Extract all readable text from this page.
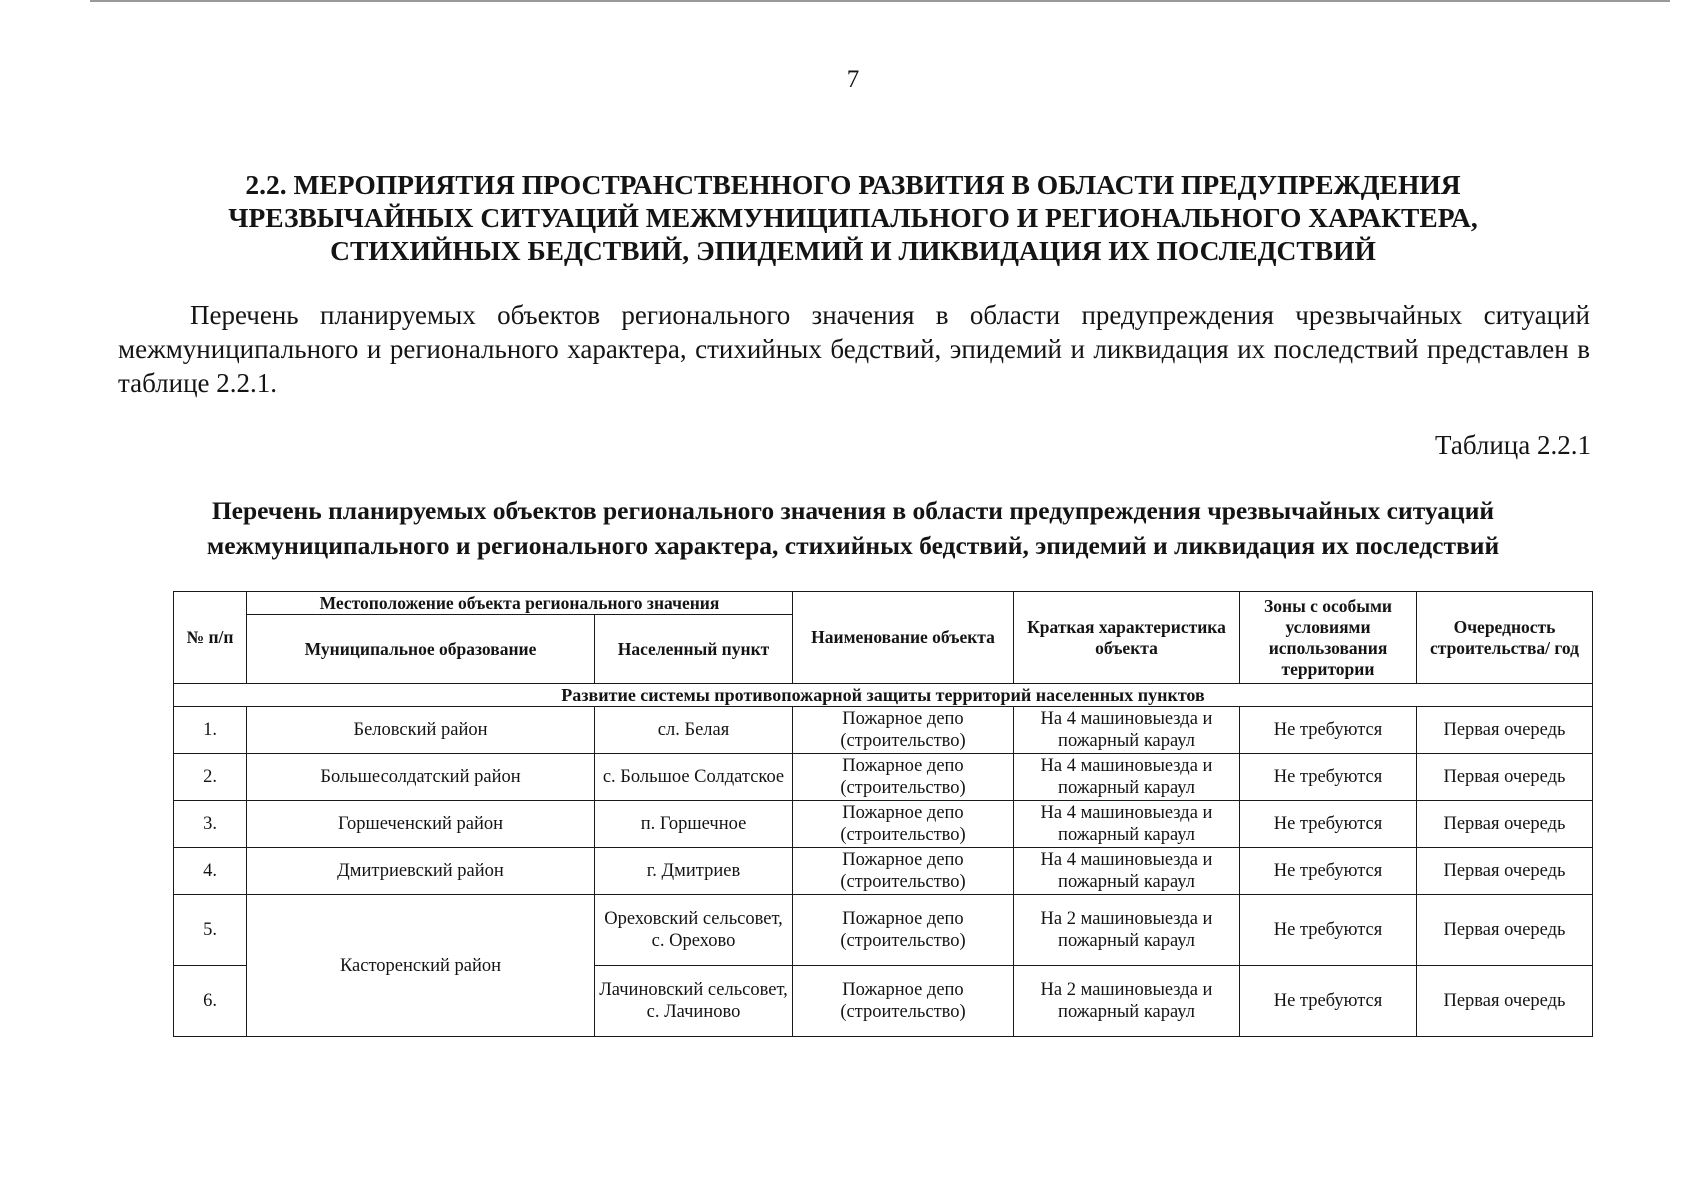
7
2.2. МЕРОПРИЯТИЯ ПРОСТРАНСТВЕННОГО РАЗВИТИЯ В ОБЛАСТИ ПРЕДУПРЕЖДЕНИЯ
ЧРЕЗВЫЧАЙНЫХ СИТУАЦИЙ МЕЖМУНИЦИПАЛЬНОГО И РЕГИОНАЛЬНОГО ХАРАКТЕРА,
СТИХИЙНЫХ БЕДСТВИЙ, ЭПИДЕМИЙ И ЛИКВИДАЦИЯ ИХ ПОСЛЕДСТВИЙ

Перечень планируемых объектов регионального значения в области предупреждения чрезвычайных ситуаций межмуниципального и регионального характера, стихийных бедствий, эпидемий и ликвидация их последствий представлен в таблице 2.2.1.

Таблица 2.2.1
Перечень планируемых объектов регионального значения в области предупреждения чрезвычайных ситуаций
межмуниципального и регионального характера, стихийных бедствий, эпидемий и ликвидация их последствий
№ п/п	Местоположение объекта регионального значения		Наименование объекта	Краткая характеристика объекта	Зоны с особыми условиями использования территории	Очередность строительства/ год
	Муниципальное образование	Населенный пункт				
Развитие системы противопожарной защиты территорий населенных пунктов						
1.	Беловский район	сл. Белая	Пожарное депо (строительство)	На 4 машиновыезда и пожарный караул	Не требуются	Первая очередь
2.	Большесолдатский район	с. Большое Солдатское	Пожарное депо (строительство)	На 4 машиновыезда и пожарный караул	Не требуются	Первая очередь
3.	Горшеченский район	п. Горшечное	Пожарное депо (строительство)	На 4 машиновыезда и пожарный караул	Не требуются	Первая очередь
4.	Дмитриевский район	г. Дмитриев	Пожарное депо (строительство)	На 4 машиновыезда и пожарный караул	Не требуются	Первая очередь
5.	Касторенский район	Ореховский сельсовет, с. Орехово	Пожарное депо (строительство)	На 2 машиновыезда и пожарный караул	Не требуются	Первая очередь
6.		Лачиновский сельсовет, с. Лачиново	Пожарное депо (строительство)	На 2 машиновыезда и пожарный караул	Не требуются	Первая очередь
